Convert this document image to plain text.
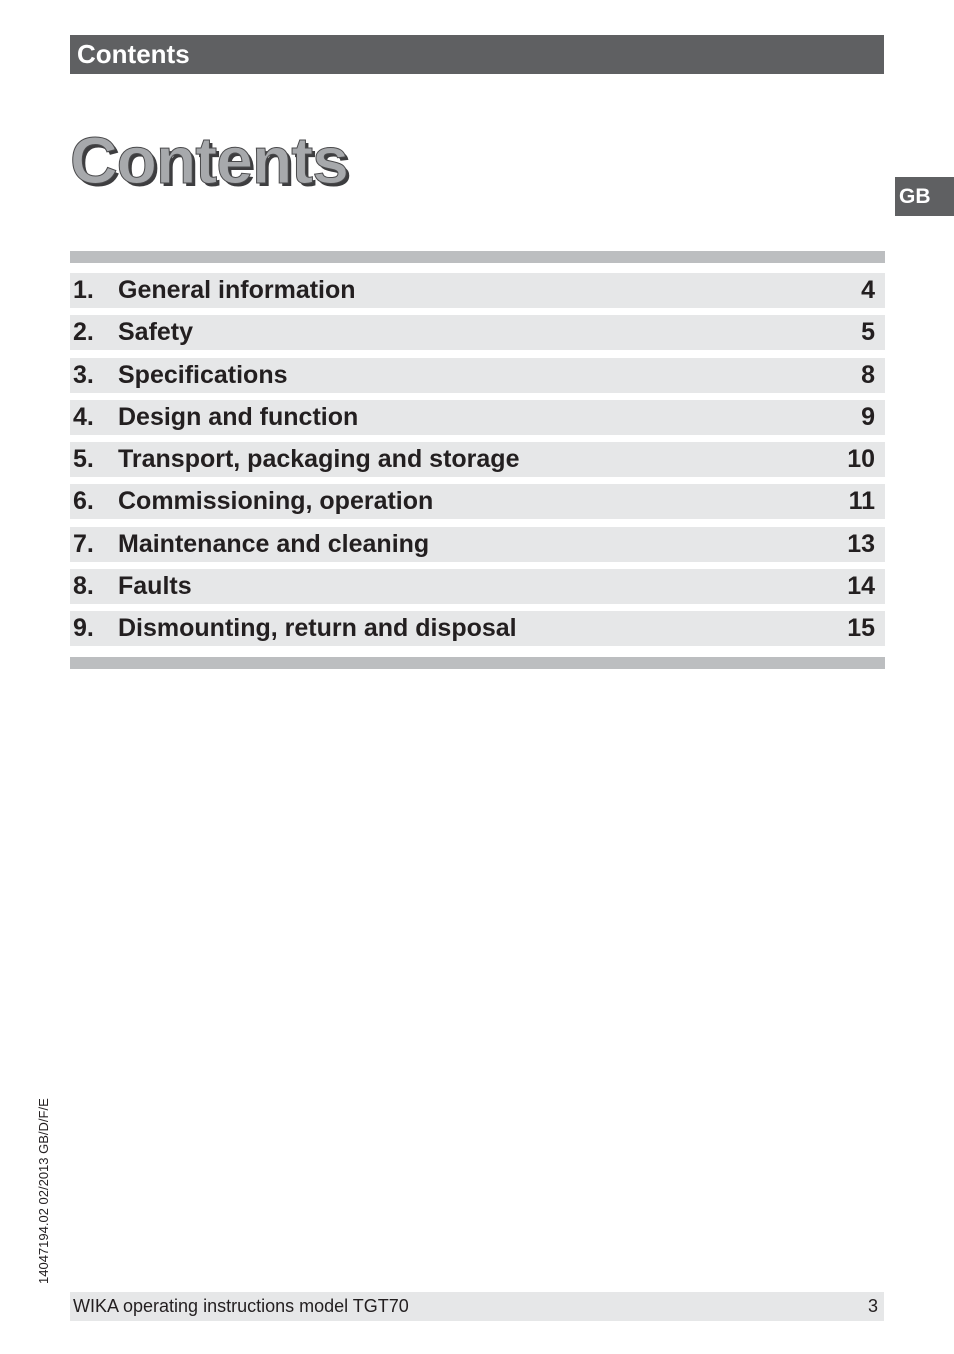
Contents
Contents	GB
1. General information	4
2. Safety	5
3. Specifications	8
4. Design and function	9
5. Transport, packaging and storage	10
6. Commissioning, operation	11
7. Maintenance and cleaning	13
8. Faults	14
9. Dismounting, return and disposal	15
14047194.02 02/2013 GB/D/F/E
WIKA operating instructions model TGT70	3
